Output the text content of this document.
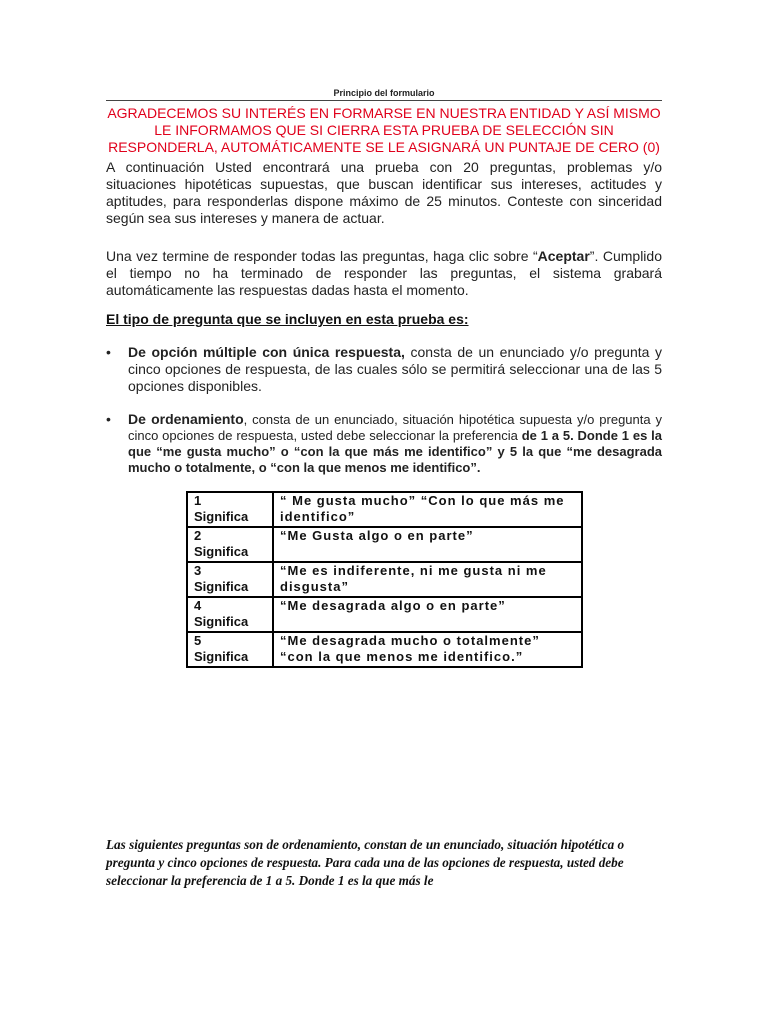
Principio del formulario

AGRADECEMOS SU INTERÉS EN FORMARSE EN NUESTRA ENTIDAD Y ASÍ MISMO LE INFORMAMOS QUE SI CIERRA ESTA PRUEBA DE SELECCIÓN SIN RESPONDERLA, AUTOMÁTICAMENTE SE LE ASIGNARÁ UN PUNTAJE DE CERO (0)

A continuación Usted encontrará una prueba con 20 preguntas, problemas y/o situaciones hipotéticas supuestas, que buscan identificar sus intereses, actitudes y aptitudes, para responderlas dispone máximo de 25 minutos. Conteste con sinceridad según sea sus intereses y manera de actuar.

Una vez termine de responder todas las preguntas, haga clic sobre “Aceptar”. Cumplido el tiempo no ha terminado de responder las preguntas, el sistema grabará automáticamente las respuestas dadas hasta el momento.

El tipo de pregunta que se incluyen en esta prueba es:
• De opción múltiple con única respuesta, consta de un enunciado y/o pregunta y cinco opciones de respuesta, de las cuales sólo se permitirá seleccionar una de las 5 opciones disponibles.
• De ordenamiento, consta de un enunciado, situación hipotética supuesta y/o pregunta y cinco opciones de respuesta, usted debe seleccionar la preferencia de 1 a 5. Donde 1 es la que “me gusta mucho” o “con la que más me identifico” y 5 la que “me desagrada mucho o totalmente, o “con la que menos me identifico”.
1
Significa	“ Me gusta mucho” “Con lo que más me identifico”
2
Significa	“Me Gusta algo o en parte”
3
Significa	“Me es indiferente, ni me gusta ni me disgusta”
4
Significa	“Me desagrada algo o en parte”
5
Significa	“Me desagrada mucho o totalmente” “con la que menos me identifico.”

Las siguientes preguntas son de ordenamiento, constan de un enunciado, situación hipotética o pregunta y cinco opciones de respuesta. Para cada una de las opciones de respuesta, usted debe seleccionar la preferencia de 1 a 5. Donde 1 es la que más le
